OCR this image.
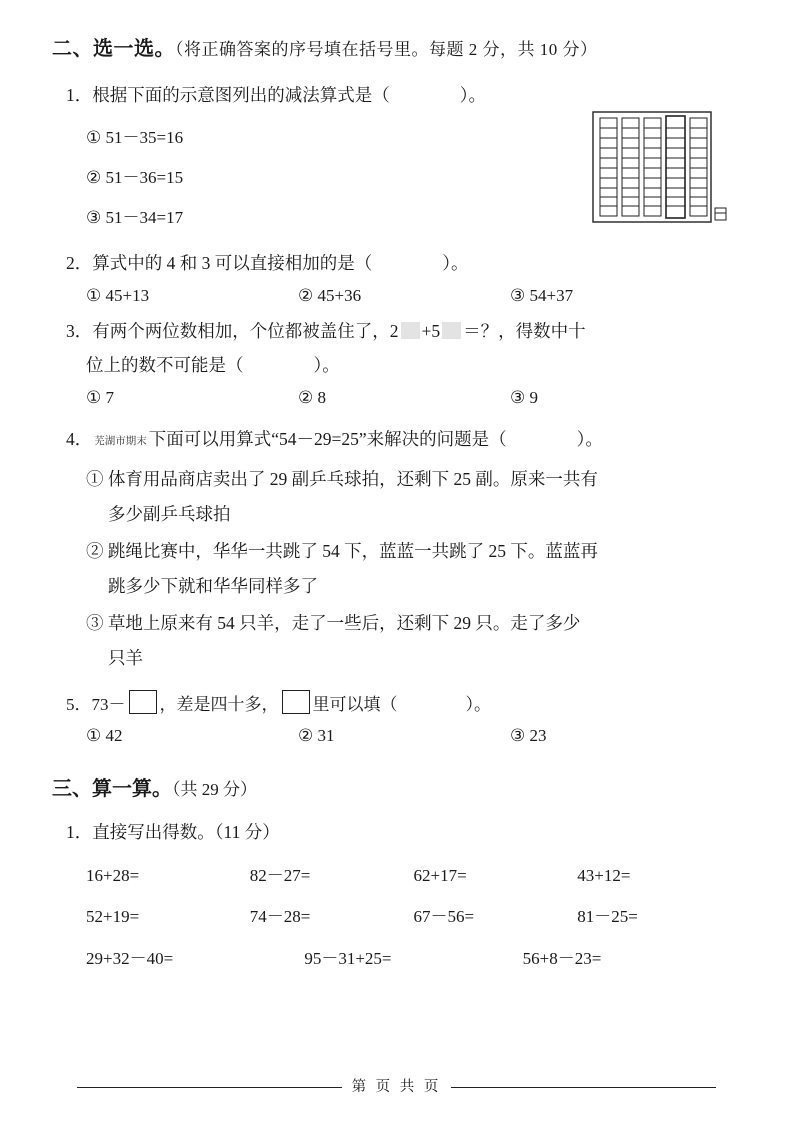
二、选一选。（将正确答案的序号填在括号里。每题 2 分，共 10 分）
1．根据下面的示意图列出的减法算式是（　　　　）。
① 51－35=16
② 51－36=15
③ 51－34=17
2．算式中的 4 和 3 可以直接相加的是（　　　　）。
① 45+13	② 45+36	③ 54+37
3．有两个两位数相加，个位都被盖住了，2 +5 ＝？，得数中十
位上的数不可能是（　　　　）。
① 7	② 8	③ 9
4． 芜湖市期末 下面可以用算式“54－29=25”来解决的问题是（　　　　）。
① 体育用品商店卖出了 29 副乒乓球拍，还剩下 25 副。原来一共有
多少副乒乓球拍
② 跳绳比赛中，华华一共跳了 54 下，蓝蓝一共跳了 25 下。蓝蓝再
跳多少下就和华华同样多了
③ 草地上原来有 54 只羊，走了一些后，还剩下 29 只。走了多少
只羊
5．73－ ，差是四十多， 里可以填（　　　　）。
① 42	② 31	③ 23
三、算一算。（共 29 分）
1．直接写出得数。（11 分）
16+28=	82－27=	62+17=	43+12=
52+19=	74－28=	67－56=	81－25=
29+32－40=	95－31+25=	56+8－23=
第 页 共 页
